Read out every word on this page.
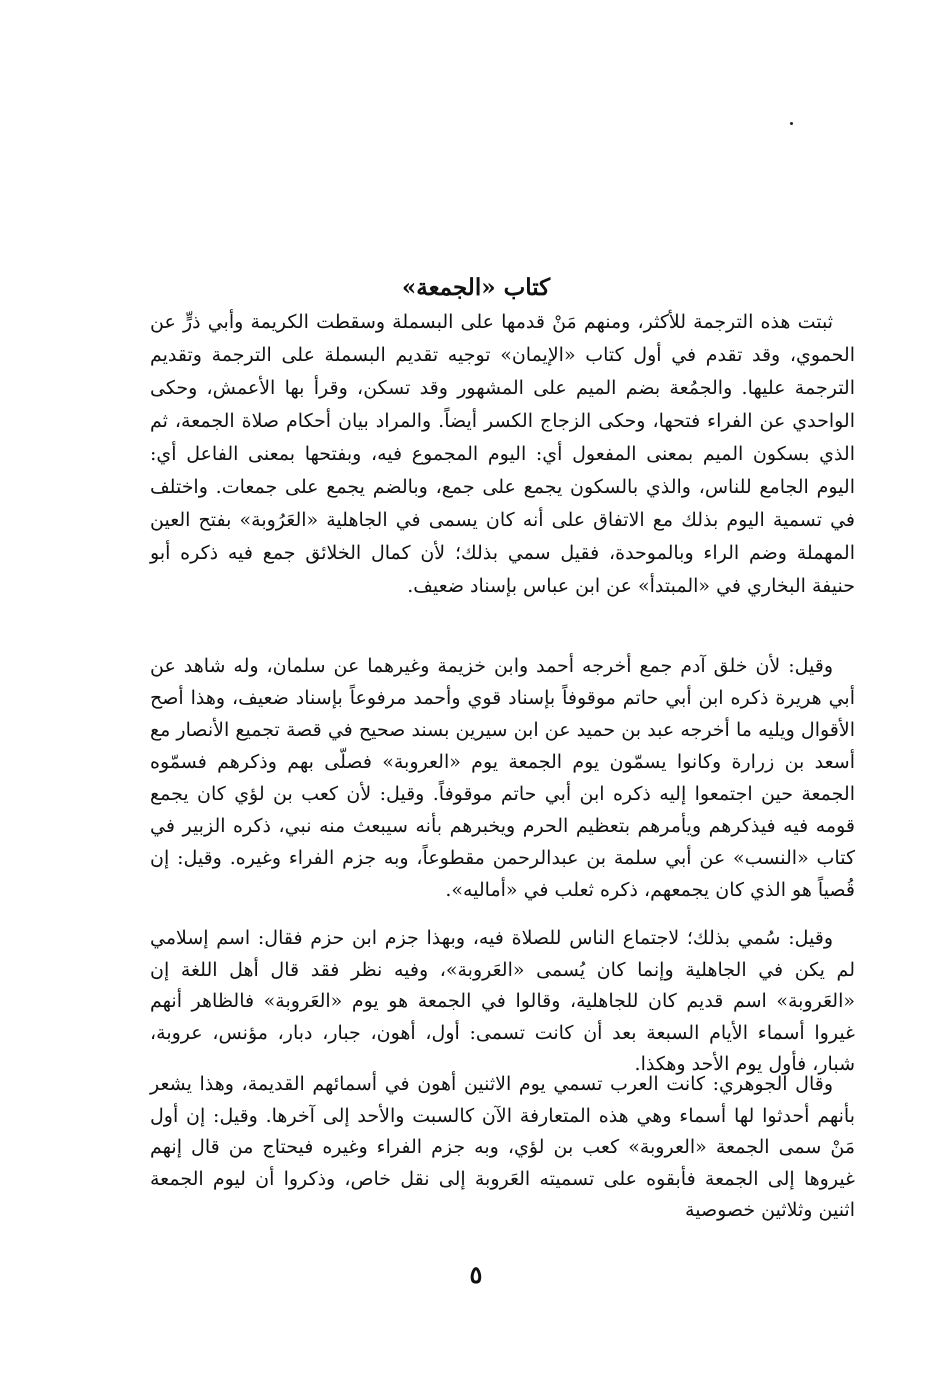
كتاب «الجمعة»

ثبتت هذه الترجمة للأكثر، ومنهم مَنْ قدمها على البسملة وسقطت الكريمة وأبي ذرٍّ عن الحموي، وقد تقدم في أول كتاب «الإيمان» توجيه تقديم البسملة على الترجمة وتقديم الترجمة عليها. والجمُعة بضم الميم على المشهور وقد تسكن، وقرأ بها الأعمش، وحكى الواحدي عن الفراء فتحها، وحكى الزجاج الكسر أيضاً. والمراد بيان أحكام صلاة الجمعة، ثم الذي بسكون الميم بمعنى المفعول أي: اليوم المجموع فيه، وبفتحها بمعنى الفاعل أي: اليوم الجامع للناس، والذي بالسكون يجمع على جمع، وبالضم يجمع على جمعات. واختلف في تسمية اليوم بذلك مع الاتفاق على أنه كان يسمى في الجاهلية «العَرُوبة» بفتح العين المهملة وضم الراء وبالموحدة، فقيل سمي بذلك؛ لأن كمال الخلائق جمع فيه ذكره أبو حنيفة البخاري في «المبتدأ» عن ابن عباس بإسناد ضعيف.

وقيل: لأن خلق آدم جمع أخرجه أحمد وابن خزيمة وغيرهما عن سلمان، وله شاهد عن أبي هريرة ذكره ابن أبي حاتم موقوفاً بإسناد قوي وأحمد مرفوعاً بإسناد ضعيف، وهذا أصح الأقوال ويليه ما أخرجه عبد بن حميد عن ابن سيرين بسند صحيح في قصة تجميع الأنصار مع أسعد بن زرارة وكانوا يسمّون يوم الجمعة يوم «العروبة» فصلّى بهم وذكرهم فسمّوه الجمعة حين اجتمعوا إليه ذكره ابن أبي حاتم موقوفاً. وقيل: لأن كعب بن لؤي كان يجمع قومه فيه فيذكرهم ويأمرهم بتعظيم الحرم ويخبرهم بأنه سيبعث منه نبي، ذكره الزبير في كتاب «النسب» عن أبي سلمة بن عبدالرحمن مقطوعاً، وبه جزم الفراء وغيره. وقيل: إن قُصياً هو الذي كان يجمعهم، ذكره ثعلب في «أماليه».

وقيل: سُمي بذلك؛ لاجتماع الناس للصلاة فيه، وبهذا جزم ابن حزم فقال: اسم إسلامي لم يكن في الجاهلية وإنما كان يُسمى «العَروبة»، وفيه نظر فقد قال أهل اللغة إن «العَروبة» اسم قديم كان للجاهلية، وقالوا في الجمعة هو يوم «العَروبة» فالظاهر أنهم غيروا أسماء الأيام السبعة بعد أن كانت تسمى: أول، أهون، جبار، دبار، مؤنس، عروبة، شبار، فأول يوم الأحد وهكذا.

وقال الجوهري: كانت العرب تسمي يوم الاثنين أهون في أسمائهم القديمة، وهذا يشعر بأنهم أحدثوا لها أسماء وهي هذه المتعارفة الآن كالسبت والأحد إلى آخرها. وقيل: إن أول مَنْ سمى الجمعة «العروبة» كعب بن لؤي، وبه جزم الفراء وغيره فيحتاج من قال إنهم غيروها إلى الجمعة فأبقوه على تسميته العَروبة إلى نقل خاص، وذكروا أن ليوم الجمعة اثنين وثلاثين خصوصية

٥
